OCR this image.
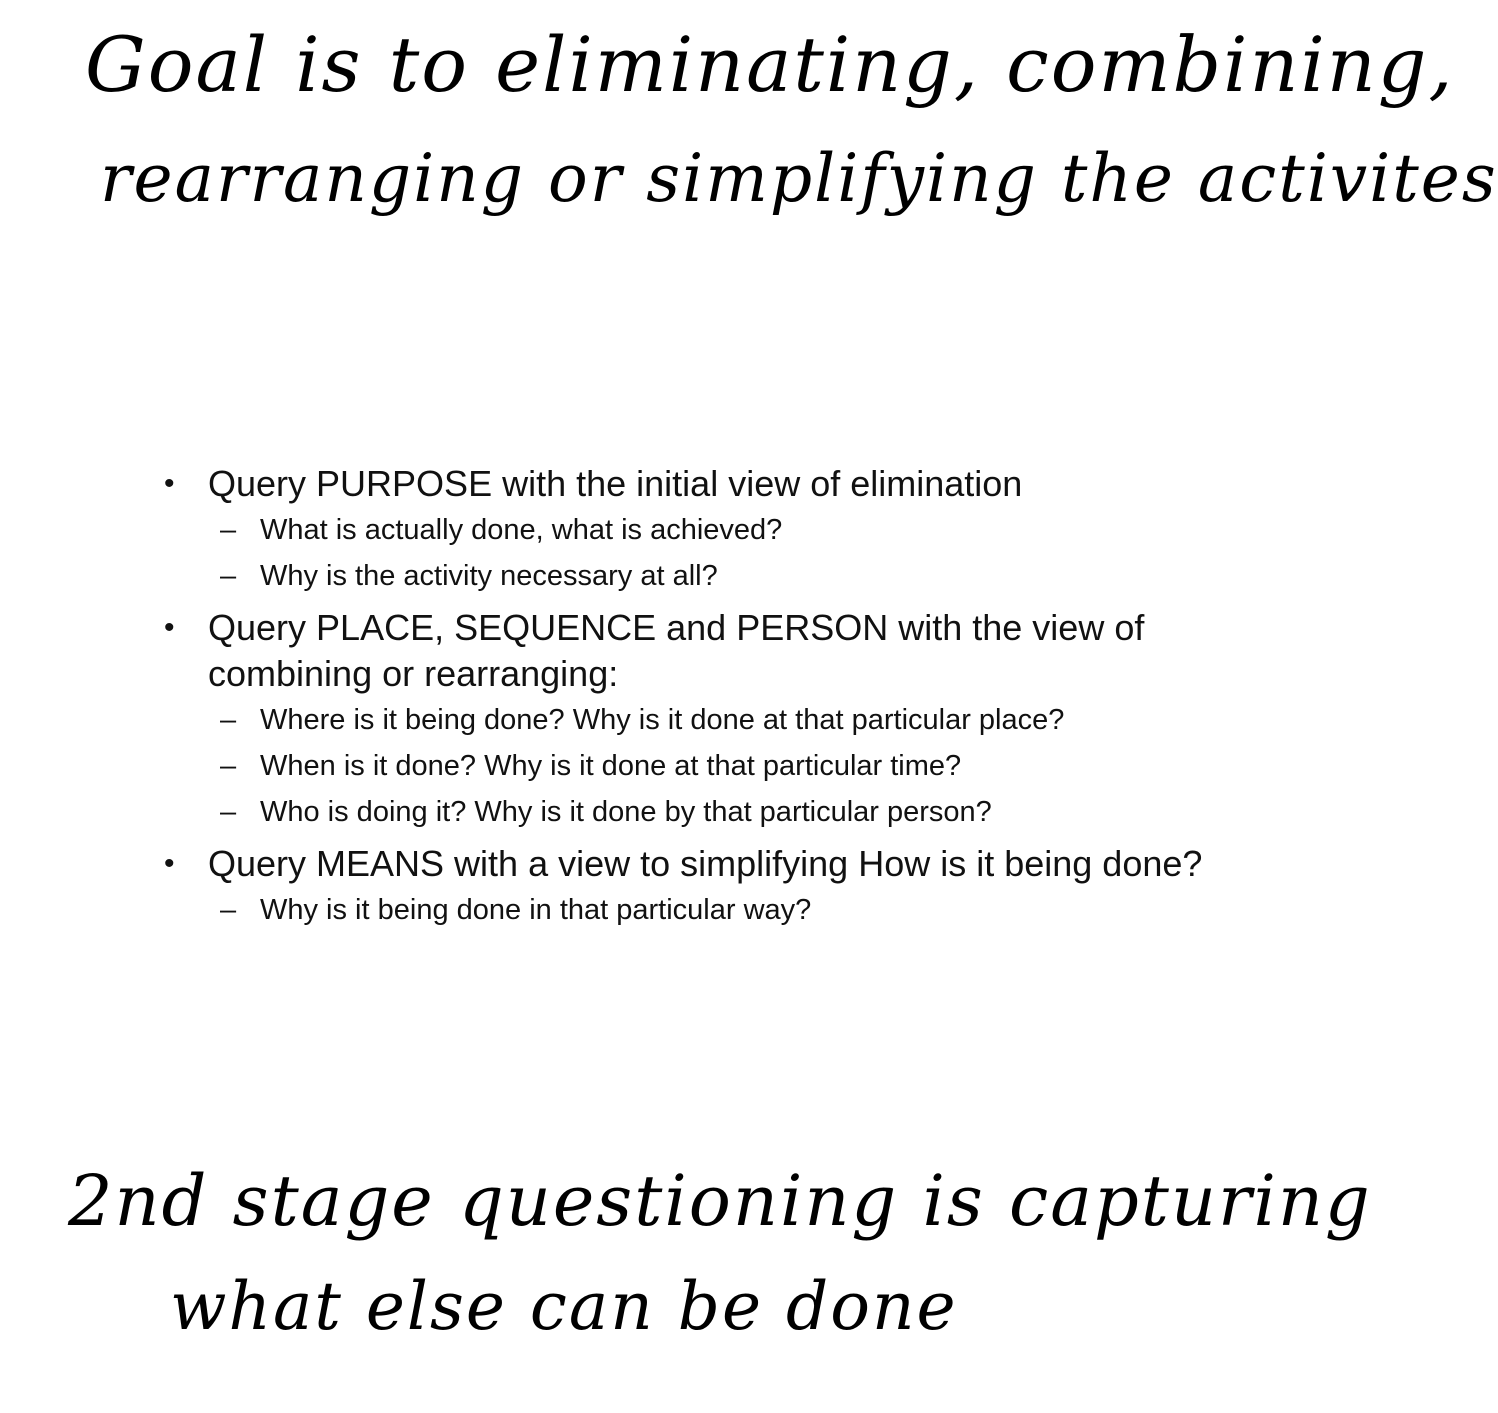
Goal is to eliminating, combining,
rearranging or simplifying the activites
• Query PURPOSE with the initial view of elimination
– What is actually done, what is achieved?
– Why is the activity necessary at all?
• Query PLACE, SEQUENCE and PERSON with the view of combining or rearranging:
– Where is it being done? Why is it done at that particular place?
– When is it done? Why is it done at that particular time?
– Who is doing it? Why is it done by that particular person?
• Query MEANS with a view to simplifying How is it being done?
– Why is it being done in that particular way?
2nd stage questioning is capturing
what else can be done
